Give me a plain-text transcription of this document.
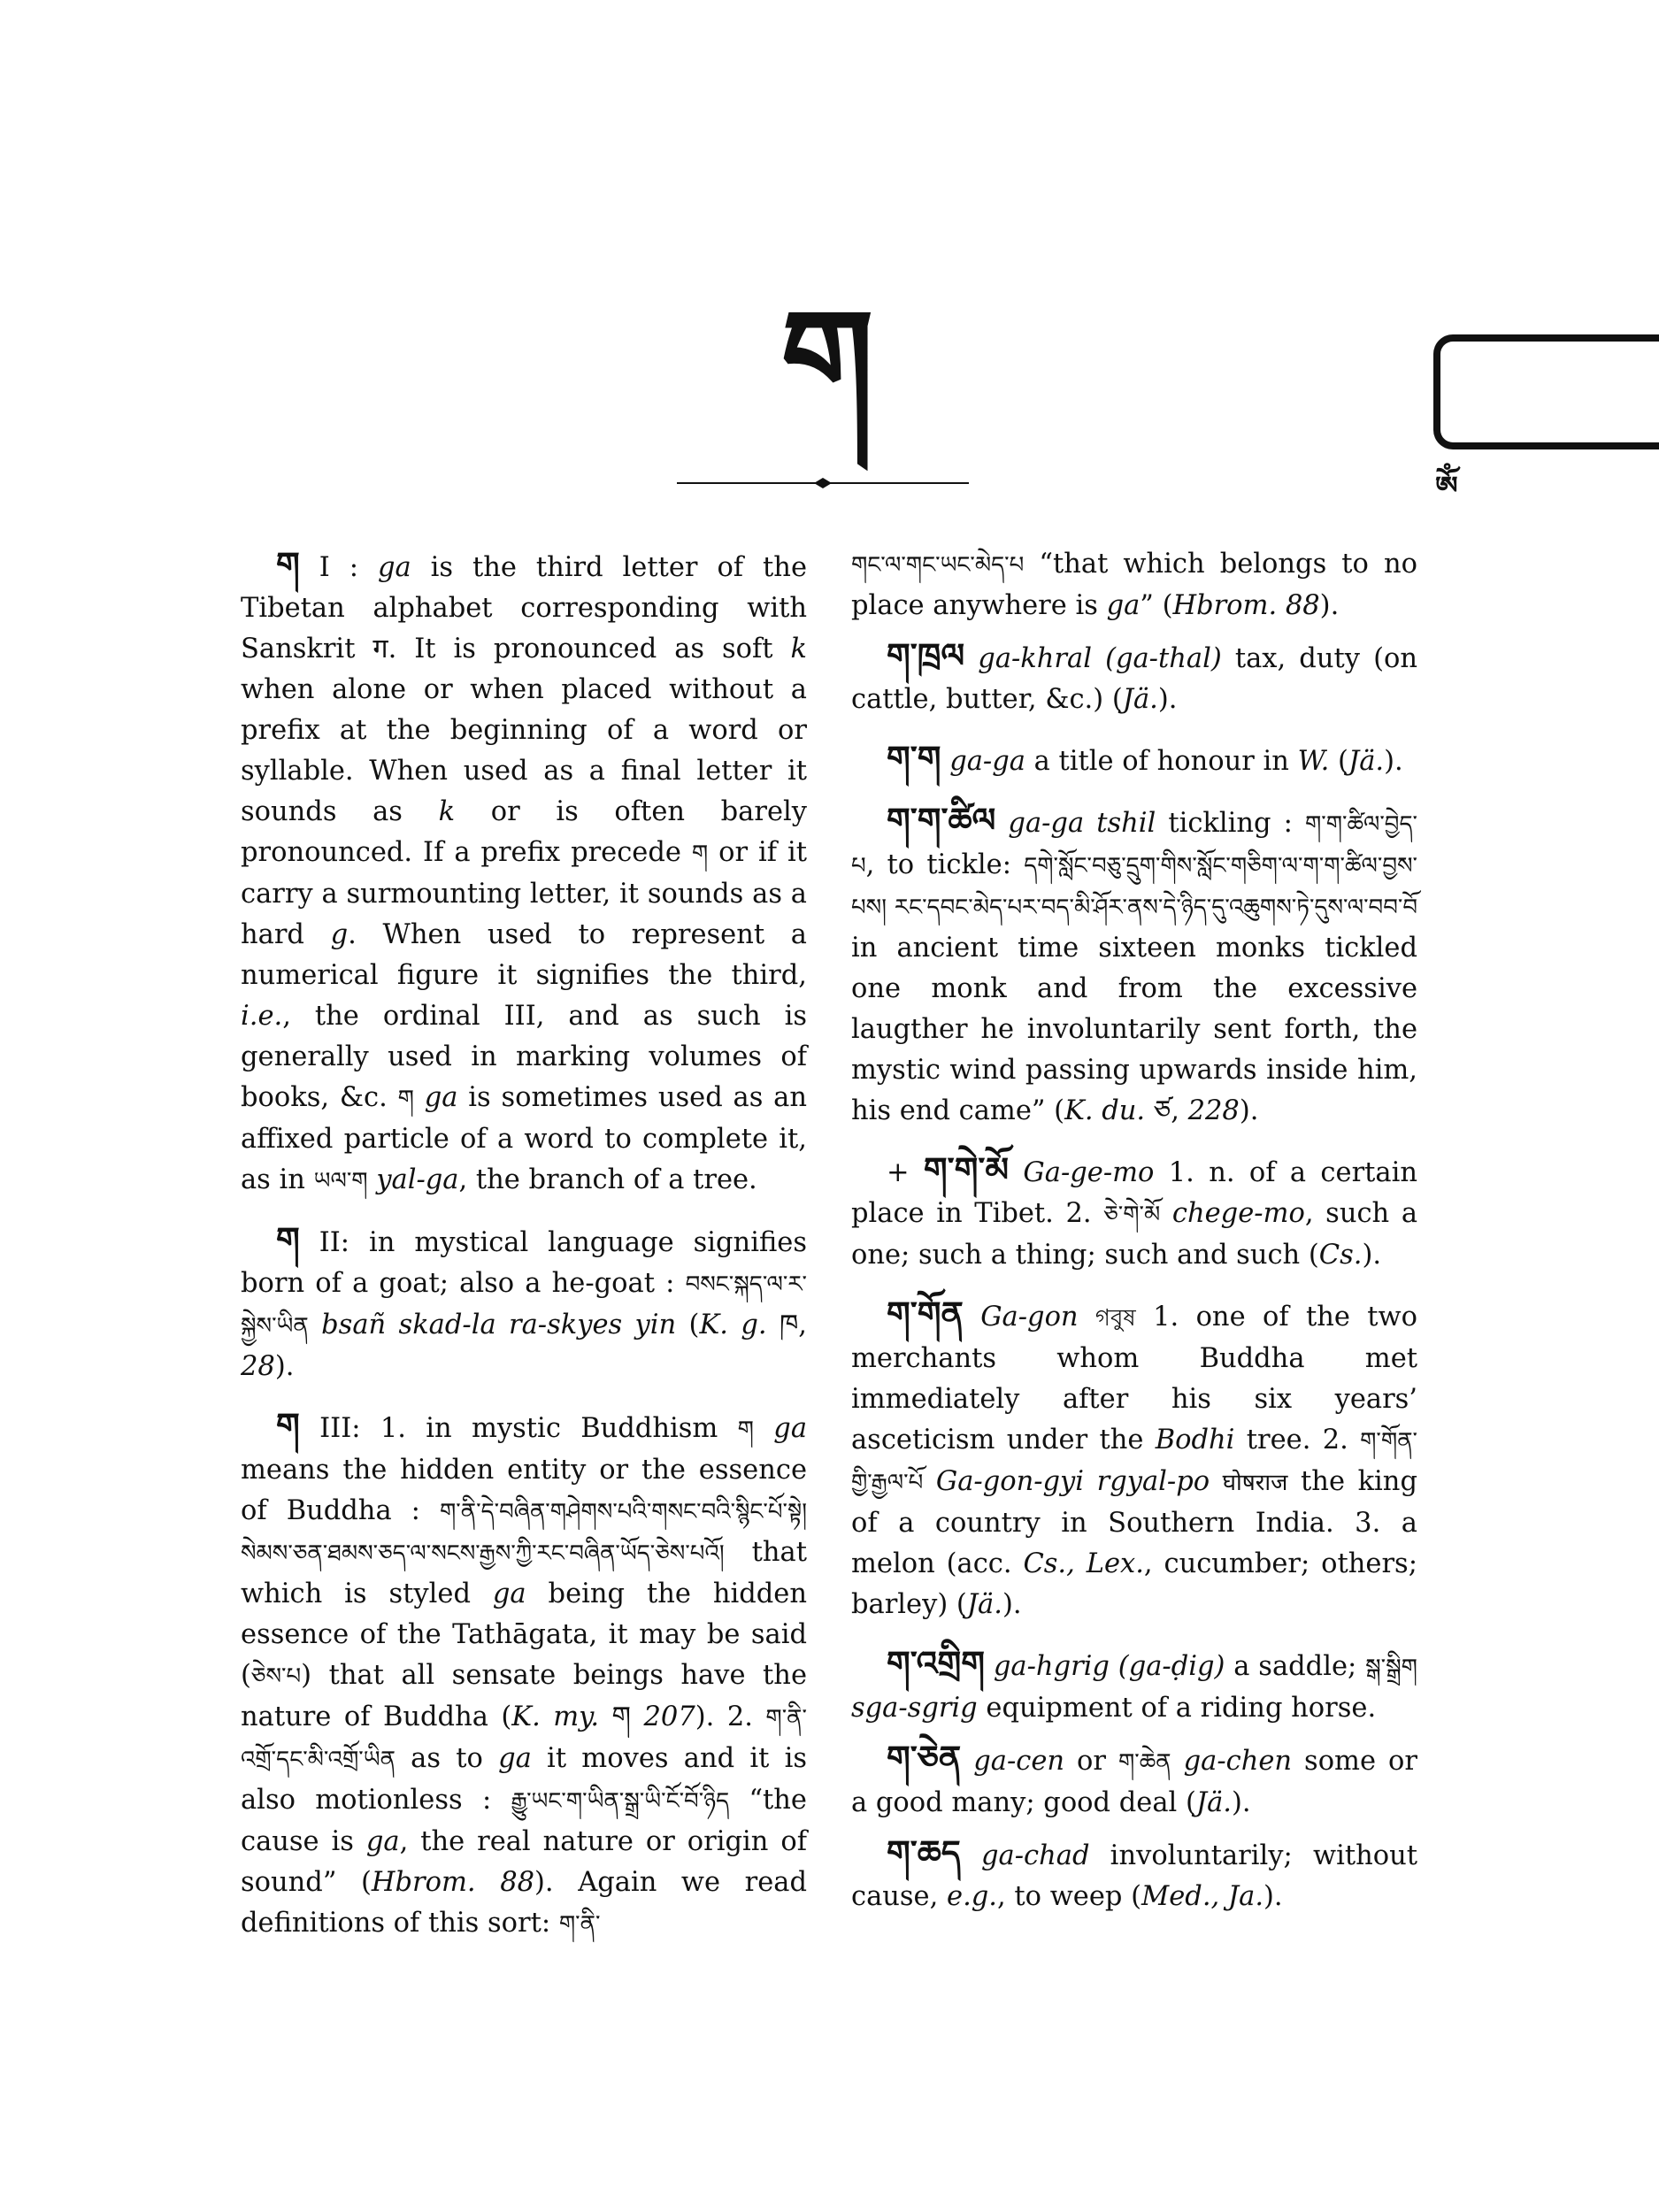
ག
ༀ

ག I : ga is the third letter of the Tibetan alphabet corresponding with Sanskrit ग. It is pronounced as soft k when alone or when placed without a prefix at the beginning of a word or syllable. When used as a final letter it sounds as k or is often barely pronounced. If a prefix precede ག or if it carry a surmounting letter, it sounds as a hard g. When used to represent a numerical figure it signifies the third, i.e., the ordinal III, and as such is generally used in marking volumes of books, &c. ག ga is sometimes used as an affixed particle of a word to complete it, as in ཡལ་ག yal-ga, the branch of a tree.

ག II: in mystical language signifies born of a goat; also a he-goat : བསང་སྐད་ལ་ར་སྐྱེས་ཡིན bsañ skad-la ra-skyes yin (K. g. ཁ, 28).

ག III: 1. in mystic Buddhism ག ga means the hidden entity or the essence of Buddha : ག་ནི་དེ་བཞིན་གཤེགས་པའི་གསང་བའི་སྙིང་པོ་སྟེ། སེམས་ཅན་ཐམས་ཅད་ལ་སངས་རྒྱས་ཀྱི་རང་བཞིན་ཡོད་ཅེས་པའོ། that which is styled ga being the hidden essence of the Tathāgata, it may be said (ཅེས་པ) that all sensate beings have the nature of Buddha (K. my. ག 207). 2. ག་ནི་འགྲོ་དང་མི་འགྲོ་ཡིན as to ga it moves and it is also motionless : རྒྱུ་ཡང་ག་ཡིན་སྒྲ་ཡི་ངོ་བོ་ཉིད “the cause is ga, the real nature or origin of sound” (Hbrom. 88). Again we read definitions of this sort: ག་ནི་

གང་ལ་གང་ཡང་མེད་པ “that which belongs to no place anywhere is ga” (Hbrom. 88).

ག་ཁྲལ ga-khral (ga-thal) tax, duty (on cattle, butter, &c.) (Jä.).

ག་ག ga-ga a title of honour in W. (Jä.).

ག་ག་ཚིལ ga-ga tshil tickling : ག་ག་ཚིལ་བྱེད་པ, to tickle: དགེ་སློང་བཅུ་དྲུག་གིས་སློང་གཅིག་ལ་ག་ག་ཚིལ་བྱས་པས། རང་དབང་མེད་པར་བད་མི་ཤོར་ནས་དེ་ཉིད་དུ་འཆུགས་ཏེ་དུས་ལ་བབ་བོ in ancient time sixteen monks tickled one monk and from the excessive laugther he involuntarily sent forth, the mystic wind passing upwards inside him, his end came” (K. du. ཙ, 228).

+ ག་གེ་མོ Ga-ge-mo 1. n. of a certain place in Tibet. 2. ཅེ་གེ་མོ chege-mo, such a one; such a thing; such and such (Cs.).

ག་གོན Ga-gon গবুষ 1. one of the two merchants whom Buddha met immediately after his six years’ asceticism under the Bodhi tree. 2. ག་གོན་གྱི་རྒྱལ་པོ Ga-gon-gyi rgyal-po घोषराज the king of a country in Southern India. 3. a melon (acc. Cs., Lex., cucumber; others; barley) (Jä.).

ག་འགྲིག ga-hgrig (ga-ḍig) a saddle; སྒ་སྒྲིག sga-sgrig equipment of a riding horse.

ག་ཅེན ga-cen or ག་ཆེན ga-chen some or a good many; good deal (Jä.).

ག་ཆད ga-chad involuntarily; without cause, e.g., to weep (Med., Ja.).
